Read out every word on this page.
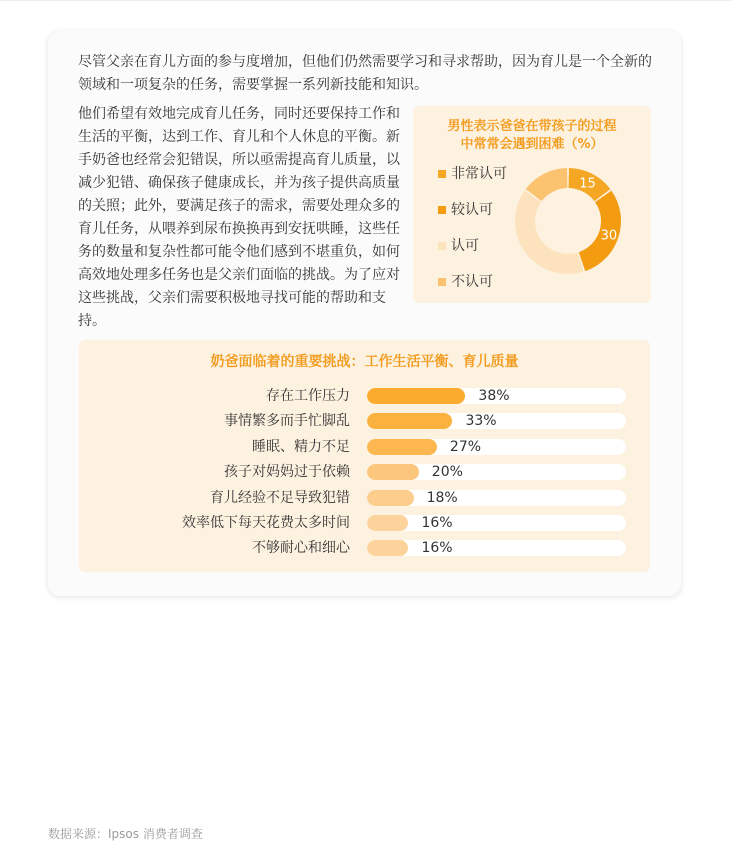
尽管父亲在育儿方面的参与度增加，但他们仍然需要学习和寻求帮助，因为育儿是一个全新的领域和一项复杂的任务，需要掌握一系列新技能和知识。

他们希望有效地完成育儿任务，同时还要保持工作和生活的平衡，达到工作、育儿和个人休息的平衡。新手奶爸也经常会犯错误，所以亟需提高育儿质量，以减少犯错、确保孩子健康成长，并为孩子提供高质量的关照；此外，要满足孩子的需求，需要处理众多的育儿任务，从喂养到尿布换换再到安抚哄睡，这些任务的数量和复杂性都可能令他们感到不堪重负，如何高效地处理多任务也是父亲们面临的挑战。为了应对这些挑战，父亲们需要积极地寻找可能的帮助和支持。

男性表示爸爸在带孩子的过程
中常常会遇到困难（%）
非常认可
较认可
认可
不认可
15
30
奶爸面临着的重要挑战：工作生活平衡、育儿质量
存在工作压力	38%
事情繁多而手忙脚乱	33%
睡眠、精力不足	27%
孩子对妈妈过于依赖	20%
育儿经验不足导致犯错	18%
效率低下每天花费太多时间	16%
不够耐心和细心	16%
数据来源：Ipsos 消费者调查
